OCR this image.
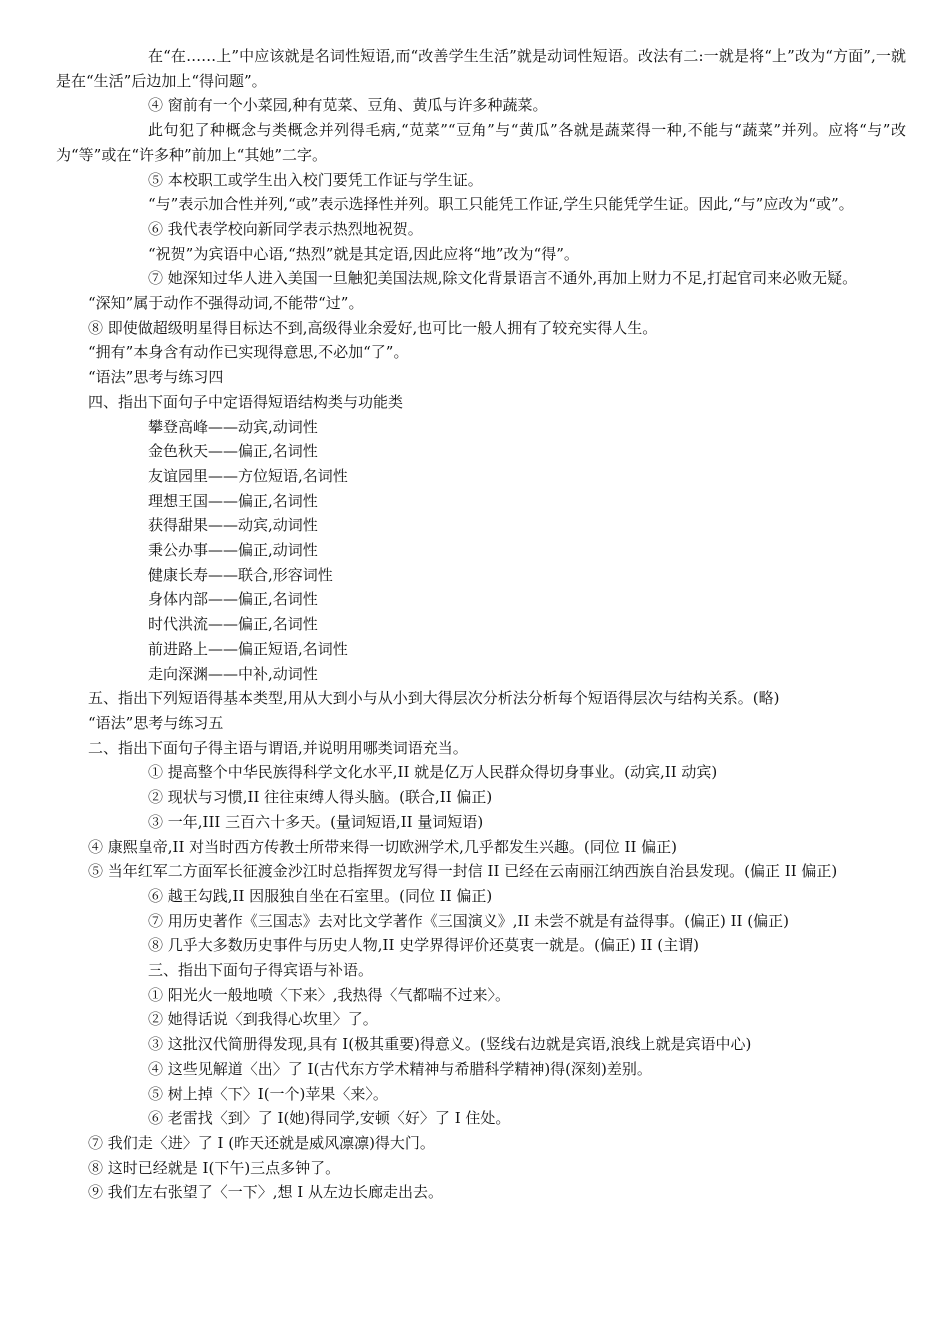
在“在……上”中应该就是名词性短语,而“改善学生生活”就是动词性短语。改法有二:一就是将“上”改为“方面”,一就是在“生活”后边加上“得问题”。
④ 窗前有一个小菜园,种有苋菜、豆角、黄瓜与许多种蔬菜。
此句犯了种概念与类概念并列得毛病,“苋菜”“豆角”与“黄瓜”各就是蔬菜得一种,不能与“蔬菜”并列。应将“与”改为“等”或在“许多种”前加上“其她”二字。
⑤ 本校职工或学生出入校门要凭工作证与学生证。
“与”表示加合性并列,“或”表示选择性并列。职工只能凭工作证,学生只能凭学生证。因此,“与”应改为“或”。
⑥ 我代表学校向新同学表示热烈地祝贺。
“祝贺”为宾语中心语,“热烈”就是其定语,因此应将“地”改为“得”。
⑦ 她深知过华人进入美国一旦触犯美国法规,除文化背景语言不通外,再加上财力不足,打起官司来必败无疑。
“深知”属于动作不强得动词,不能带“过”。
⑧ 即使做超级明星得目标达不到,高级得业余爱好,也可比一般人拥有了较充实得人生。
“拥有”本身含有动作已实现得意思,不必加“了”。
“语法”思考与练习四
四、指出下面句子中定语得短语结构类与功能类
攀登高峰——动宾,动词性
金色秋天——偏正,名词性
友谊园里——方位短语,名词性
理想王国——偏正,名词性
获得甜果——动宾,动词性
秉公办事——偏正,动词性
健康长寿——联合,形容词性
身体内部——偏正,名词性
时代洪流——偏正,名词性
前进路上——偏正短语,名词性
走向深渊——中补,动词性
五、指出下列短语得基本类型,用从大到小与从小到大得层次分析法分析每个短语得层次与结构关系。(略)
“语法”思考与练习五
二、指出下面句子得主语与谓语,并说明用哪类词语充当。
① 提高整个中华民族得科学文化水平,II 就是亿万人民群众得切身事业。(动宾,II 动宾)
② 现状与习惯,II 往往束缚人得头脑。(联合,II 偏正)
③ 一年,III 三百六十多天。(量词短语,II 量词短语)
④ 康熙皇帝,II 对当时西方传教士所带来得一切欧洲学术,几乎都发生兴趣。(同位 II 偏正)
⑤ 当年红军二方面军长征渡金沙江时总指挥贺龙写得一封信 II 已经在云南丽江纳西族自治县发现。(偏正 II 偏正)
⑥ 越王勾践,II 因服独自坐在石室里。(同位 II 偏正)
⑦ 用历史著作《三国志》去对比文学著作《三国演义》,II 未尝不就是有益得事。(偏正) II (偏正)
⑧ 几乎大多数历史事件与历史人物,II 史学界得评价还莫衷一就是。(偏正) II (主谓)
三、指出下面句子得宾语与补语。
① 阳光火一般地喷〈下来〉,我热得〈气都喘不过来〉。
② 她得话说〈到我得心坎里〉了。
③ 这批汉代简册得发现,具有 I(极其重要)得意义。(竖线右边就是宾语,浪线上就是宾语中心)
④ 这些见解道〈出〉了 I(古代东方学术精神与希腊科学精神)得(深刻)差别。
⑤ 树上掉〈下〉I(一个)苹果〈来〉。
⑥ 老雷找〈到〉了 I(她)得同学,安顿〈好〉了 I 住处。
⑦ 我们走〈进〉了 I (昨天还就是威风凛凛)得大门。
⑧ 这时已经就是 I(下午)三点多钟了。
⑨ 我们左右张望了〈一下〉,想 I 从左边长廊走出去。
